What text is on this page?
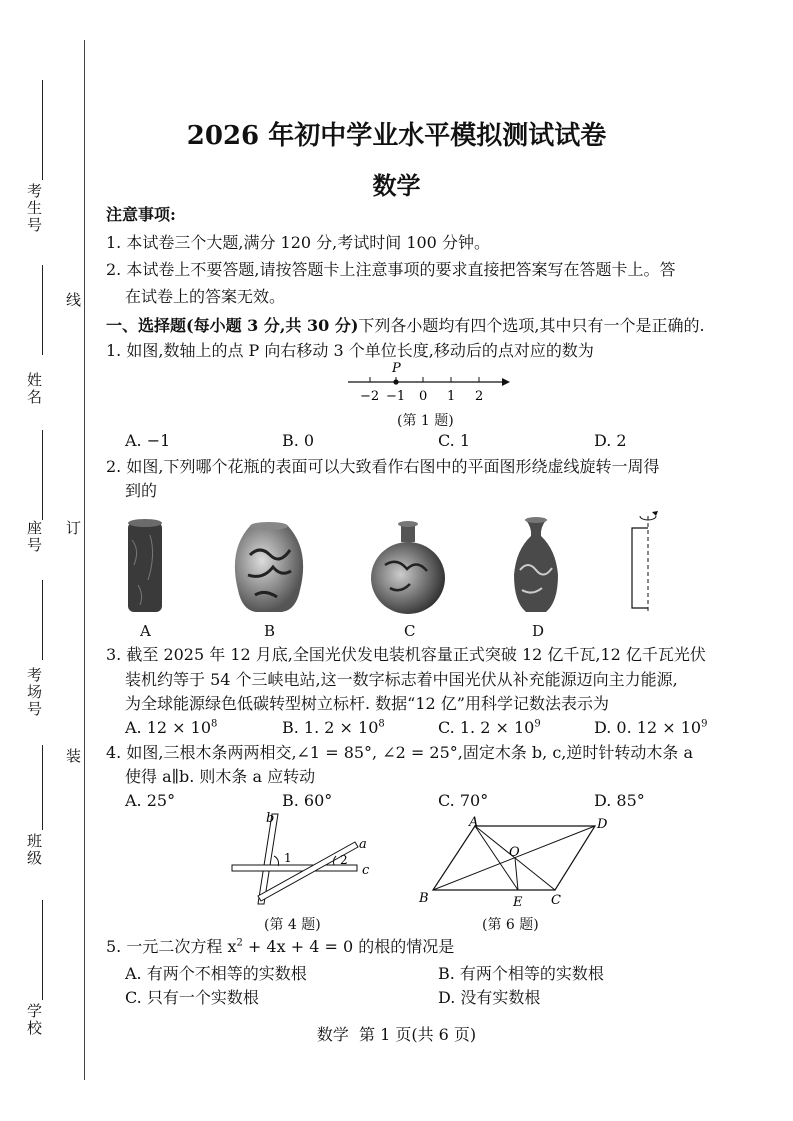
考生号
姓名
座号
考场号
班级
学校
线
订
装
2026 年初中学业水平模拟测试试卷
数学
注意事项:
1. 本试卷三个大题,满分 120 分,考试时间 100 分钟。
2. 本试卷上不要答题,请按答题卡上注意事项的要求直接把答案写在答题卡上。答
在试卷上的答案无效。
一、选择题(每小题 3 分,共 30 分)下列各小题均有四个选项,其中只有一个是正确的.
1. 如图,数轴上的点 P 向右移动 3 个单位长度,移动后的点对应的数为
P
−2 −1 0 1 2
(第 1 题)
A. −1	B. 0	C. 1	D. 2
2. 如图,下列哪个花瓶的表面可以大致看作右图中的平面图形绕虚线旋转一周得
到的
A	B	C	D
3. 截至 2025 年 12 月底,全国光伏发电装机容量正式突破 12 亿千瓦,12 亿千瓦光伏
装机约等于 54 个三峡电站,这一数字标志着中国光伏从补充能源迈向主力能源,
为全球能源绿色低碳转型树立标杆. 数据“12 亿”用科学记数法表示为
A. $12 \times 10^8$	B. 1. $2 \times 10^8$	C. 1. $2 \times 10^9$	D. 0. $12 \times 10^9$
4. 如图,三根木条两两相交,∠1 = 85°, ∠2 = 25°,固定木条 b, c,逆时针转动木条 a
使得 a∥b. 则木条 a 应转动
A. 25°	B. 60°	C. 70°	D. 85°
b
a
c
1	2
(第 4 题)
A	D
O
B	E C
(第 6 题)
5. 一元二次方程 $x^2 + 4x + 4 = 0$ 的根的情况是
A. 有两个不相等的实数根	B. 有两个相等的实数根
C. 只有一个实数根	D. 没有实数根
数学  第 1 页(共 6 页)
